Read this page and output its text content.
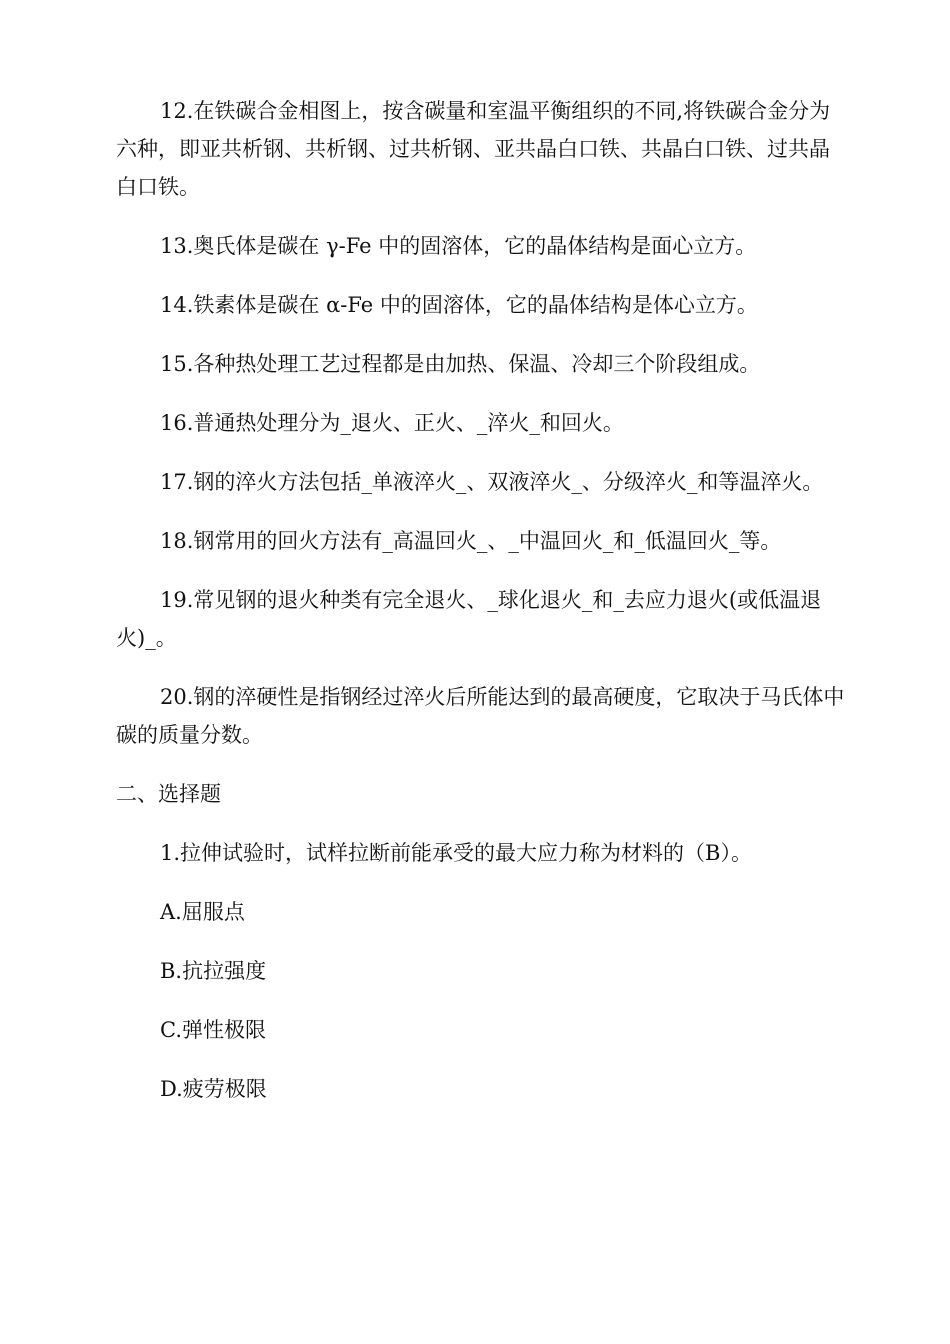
12.在铁碳合金相图上，按含碳量和室温平衡组织的不同,将铁碳合金分为六种，即亚共析钢、共析钢、过共析钢、亚共晶白口铁、共晶白口铁、过共晶白口铁。

13.奥氏体是碳在 γ-Fe 中的固溶体，它的晶体结构是面心立方。

14.铁素体是碳在 α-Fe 中的固溶体，它的晶体结构是体心立方。

15.各种热处理工艺过程都是由加热、保温、冷却三个阶段组成。

16.普通热处理分为_退火、正火、_淬火_和回火。

17.钢的淬火方法包括_单液淬火_、双液淬火_、分级淬火_和等温淬火。

18.钢常用的回火方法有_高温回火_、_中温回火_和_低温回火_等。

19.常见钢的退火种类有完全退火、_球化退火_和_去应力退火(或低温退火)_。

20.钢的淬硬性是指钢经过淬火后所能达到的最高硬度，它取决于马氏体中碳的质量分数。

二、选择题

1.拉伸试验时，试样拉断前能承受的最大应力称为材料的（B）。

A.屈服点

B.抗拉强度

C.弹性极限

D.疲劳极限
